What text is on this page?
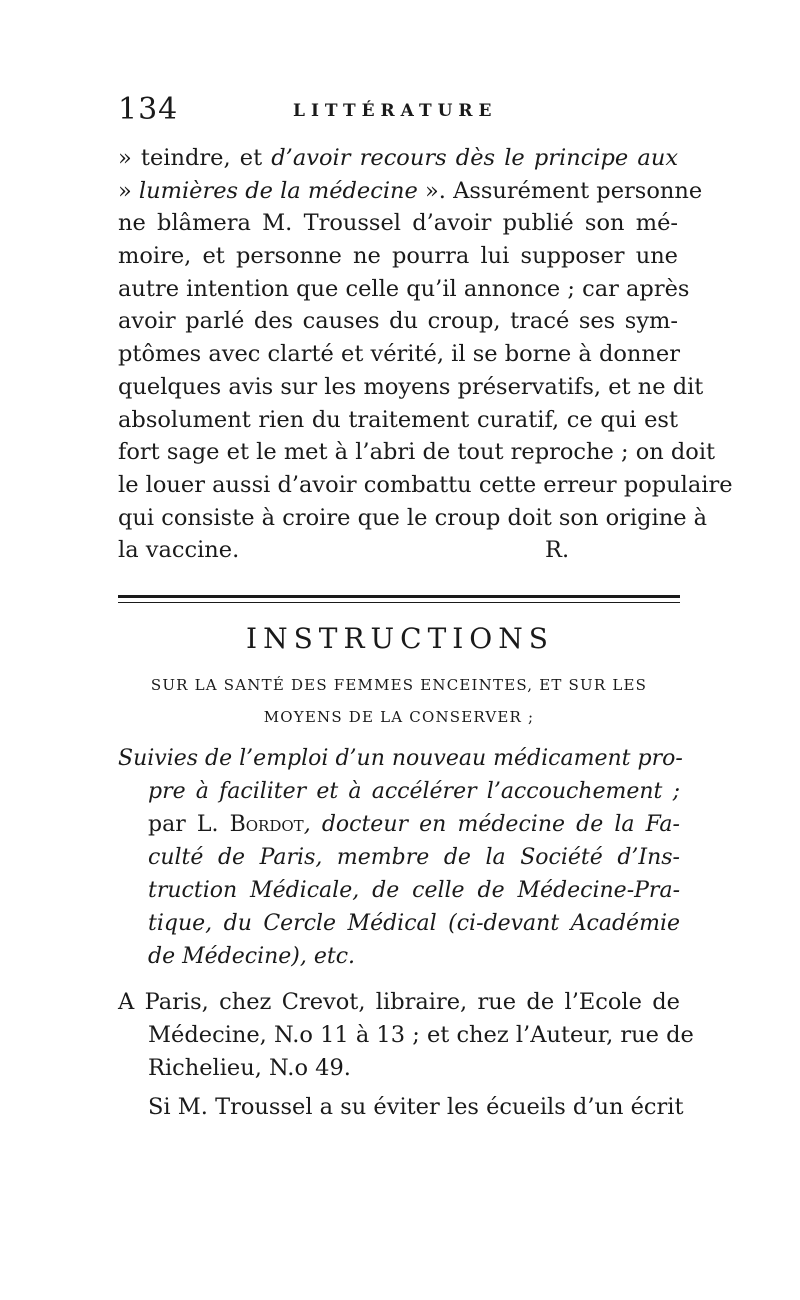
134	LITTÉRATURE
» teindre, et d’avoir recours dès le principe aux
» lumières de la médecine ». Assurément personne
ne blâmera M. Troussel d’avoir publié son mé-
moire, et personne ne pourra lui supposer une
autre intention que celle qu’il annonce ; car après
avoir parlé des causes du croup, tracé ses sym-
ptômes avec clarté et vérité, il se borne à donner
quelques avis sur les moyens préservatifs, et ne dit
absolument rien du traitement curatif, ce qui est
fort sage et le met à l’abri de tout reproche ; on doit
le louer aussi d’avoir combattu cette erreur populaire
qui consiste à croire que le croup doit son origine à
la vaccine.	R.
INSTRUCTIONS
SUR LA SANTÉ DES FEMMES ENCEINTES, ET SUR LES
MOYENS DE LA CONSERVER ;
Suivies de l’emploi d’un nouveau médicament pro-
pre à faciliter et à accélérer l’accouchement ;
par L. Bordot, docteur en médecine de la Fa-
culté de Paris, membre de la Société d’Ins-
truction Médicale, de celle de Médecine-Pra-
tique, du Cercle Médical (ci-devant Académie
de Médecine), etc.
A Paris, chez Crevot, libraire, rue de l’Ecole de
Médecine, N.o 11 à 13 ; et chez l’Auteur, rue de
Richelieu, N.o 49.
Si M. Troussel a su éviter les écueils d’un écrit
